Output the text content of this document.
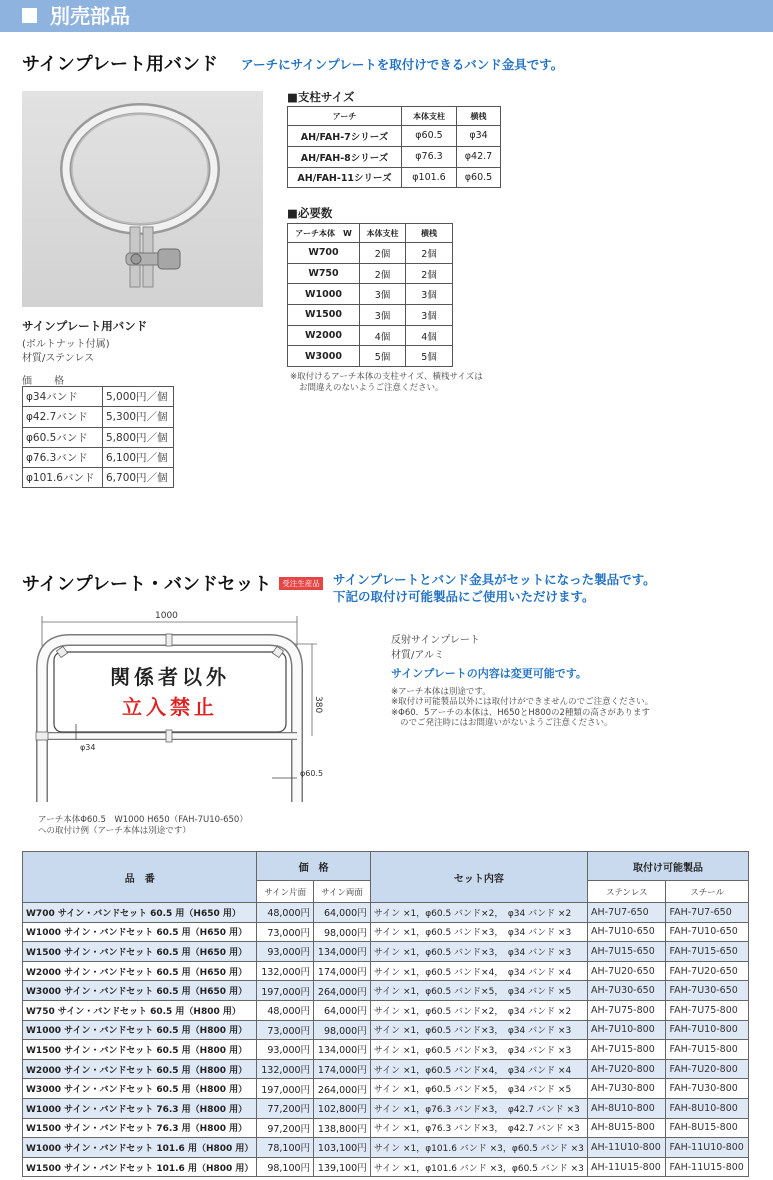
別売部品
サインプレート用バンド アーチにサインプレートを取付けできるバンド金具です。
サインプレート用バンド
(ボルトナット付属)
材質/ステンレス
価　格
φ34バンド	5,000円／個
φ42.7バンド	5,300円／個
φ60.5バンド	5,800円／個
φ76.3バンド	6,100円／個
φ101.6バンド	6,700円／個
■支柱サイズ
アーチ	本体支柱	横桟
AH/FAH-7シリーズ	φ60.5	φ34
AH/FAH-8シリーズ	φ76.3	φ42.7
AH/FAH-11シリーズ	φ101.6	φ60.5
■必要数
アーチ本体　W	本体支柱	横桟
W700	2個	2個
W750	2個	2個
W1000	3個	3個
W1500	3個	3個
W2000	4個	4個
W3000	5個	5個
※取付けるアーチ本体の支柱サイズ、横桟サイズは
お間違えのないようご注意ください。
サインプレート・バンドセット	受注生産品 サインプレートとバンド金具がセットになった製品です。
下記の取付け可能製品にご使用いただけます。
1000
380
関係者以外
立入禁止
φ34
φ60.5
アーチ本体Φ60.5　W1000 H650（FAH-7U10-650）
への取付け例（アーチ本体は別途です）
反射サインプレート
材質/アルミ
サインプレートの内容は変更可能です。
※アーチ本体は別途です。
※取付け可能製品以外には取付けができませんのでご注意ください。
※Φ60．5アーチの本体は、H650とH800の2種類の高さがあります
のでご発注時にはお間違いがないようご注意ください。
品　番	価　格		セット内容	取付け可能製品	
	サイン片面	サイン両面		ステンレス	スチール
W700 サイン・バンドセット 60.5 用（H650 用）	48,000円	64,000円	サイン ×1，φ60.5 バンド×2，　φ34 バンド ×2	AH-7U7-650	FAH-7U7-650
W1000 サイン・バンドセット 60.5 用（H650 用）	73,000円	98,000円	サイン ×1，φ60.5 バンド×3，　φ34 バンド ×3	AH-7U10-650	FAH-7U10-650
W1500 サイン・バンドセット 60.5 用（H650 用）	93,000円	134,000円	サイン ×1，φ60.5 バンド×3，　φ34 バンド ×3	AH-7U15-650	FAH-7U15-650
W2000 サイン・バンドセット 60.5 用（H650 用）	132,000円	174,000円	サイン ×1，φ60.5 バンド×4，　φ34 バンド ×4	AH-7U20-650	FAH-7U20-650
W3000 サイン・バンドセット 60.5 用（H650 用）	197,000円	264,000円	サイン ×1，φ60.5 バンド×5，　φ34 バンド ×5	AH-7U30-650	FAH-7U30-650
W750 サイン・バンドセット 60.5 用（H800 用）	48,000円	64,000円	サイン ×1，φ60.5 バンド×2，　φ34 バンド ×2	AH-7U75-800	FAH-7U75-800
W1000 サイン・バンドセット 60.5 用（H800 用）	73,000円	98,000円	サイン ×1，φ60.5 バンド×3，　φ34 バンド ×3	AH-7U10-800	FAH-7U10-800
W1500 サイン・バンドセット 60.5 用（H800 用）	93,000円	134,000円	サイン ×1，φ60.5 バンド×3，　φ34 バンド ×3	AH-7U15-800	FAH-7U15-800
W2000 サイン・バンドセット 60.5 用（H800 用）	132,000円	174,000円	サイン ×1，φ60.5 バンド×4，　φ34 バンド ×4	AH-7U20-800	FAH-7U20-800
W3000 サイン・バンドセット 60.5 用（H800 用）	197,000円	264,000円	サイン ×1，φ60.5 バンド×5，　φ34 バンド ×5	AH-7U30-800	FAH-7U30-800
W1000 サイン・バンドセット 76.3 用（H800 用）	77,200円	102,800円	サイン ×1，φ76.3 バンド×3，　φ42.7 バンド ×3	AH-8U10-800	FAH-8U10-800
W1500 サイン・バンドセット 76.3 用（H800 用）	97,200円	138,800円	サイン ×1，φ76.3 バンド×3，　φ42.7 バンド ×3	AH-8U15-800	FAH-8U15-800
W1000 サイン・バンドセット 101.6 用（H800 用）	78,100円	103,100円	サイン ×1，φ101.6 バンド ×3，φ60.5 バンド ×3	AH-11U10-800	FAH-11U10-800
W1500 サイン・バンドセット 101.6 用（H800 用）	98,100円	139,100円	サイン ×1，φ101.6 バンド ×3，φ60.5 バンド ×3	AH-11U15-800	FAH-11U15-800
